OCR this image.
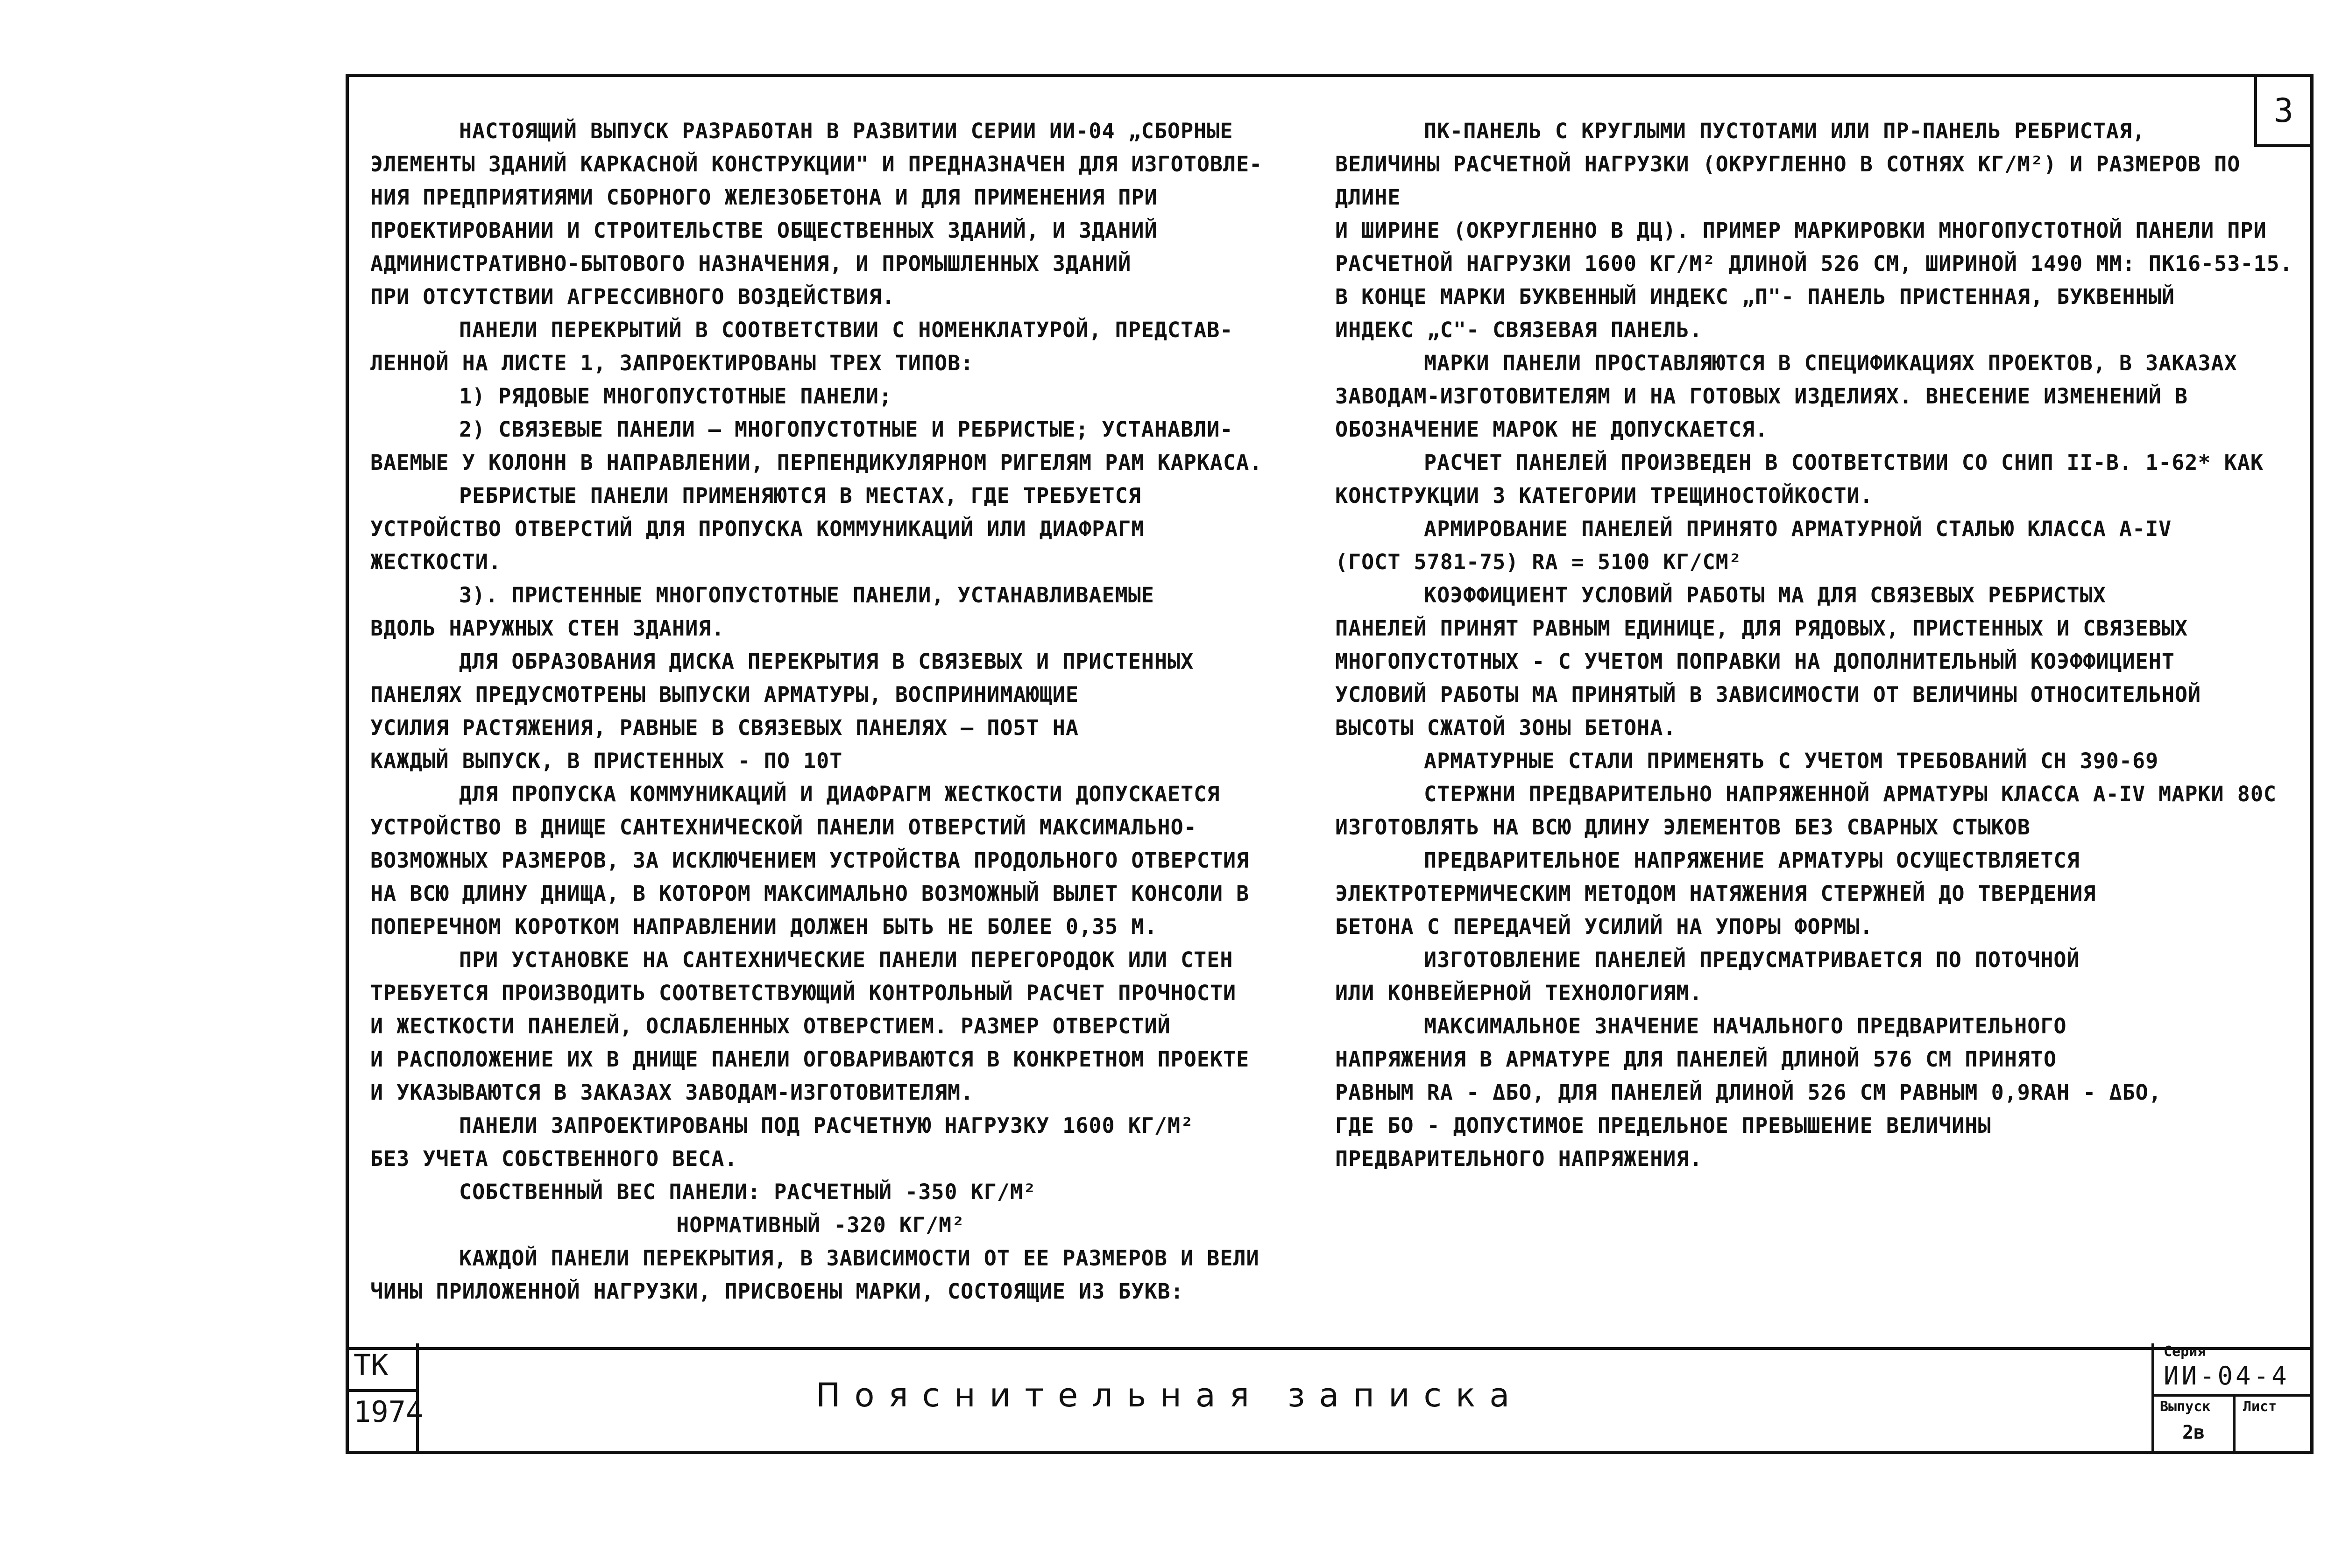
3

НАСТОЯЩИЙ ВЫПУСК РАЗРАБОТАН В РАЗВИТИИ СЕРИИ ИИ-04 „СБОРНЫЕ

ЭЛЕМЕНТЫ ЗДАНИЙ КАРКАСНОЙ КОНСТРУКЦИИ" И ПРЕДНАЗНАЧЕН ДЛЯ ИЗГОТОВЛЕ-

НИЯ ПРЕДПРИЯТИЯМИ СБОРНОГО ЖЕЛЕЗОБЕТОНА И ДЛЯ ПРИМЕНЕНИЯ ПРИ

ПРОЕКТИРОВАНИИ И СТРОИТЕЛЬСТВЕ ОБЩЕСТВЕННЫХ ЗДАНИЙ, И ЗДАНИЙ

АДМИНИСТРАТИВНО-БЫТОВОГО НАЗНАЧЕНИЯ, И ПРОМЫШЛЕННЫХ ЗДАНИЙ

ПРИ ОТСУТСТВИИ АГРЕССИВНОГО ВОЗДЕЙСТВИЯ.

ПАНЕЛИ ПЕРЕКРЫТИЙ В СООТВЕТСТВИИ С НОМЕНКЛАТУРОЙ, ПРЕДСТАВ-

ЛЕННОЙ НА ЛИСТЕ 1, ЗАПРОЕКТИРОВАНЫ ТРЕХ ТИПОВ:

1) РЯДОВЫЕ МНОГОПУСТОТНЫЕ ПАНЕЛИ;

2) СВЯЗЕВЫЕ ПАНЕЛИ – МНОГОПУСТОТНЫЕ И РЕБРИСТЫЕ; УСТАНАВЛИ-

ВАЕМЫЕ У КОЛОНН В НАПРАВЛЕНИИ, ПЕРПЕНДИКУЛЯРНОМ РИГЕЛЯМ РАМ КАРКАСА.

РЕБРИСТЫЕ ПАНЕЛИ ПРИМЕНЯЮТСЯ В МЕСТАХ, ГДЕ ТРЕБУЕТСЯ

УСТРОЙСТВО ОТВЕРСТИЙ ДЛЯ ПРОПУСКА КОММУНИКАЦИЙ ИЛИ ДИАФРАГМ

ЖЕСТКОСТИ.

3). ПРИСТЕННЫЕ МНОГОПУСТОТНЫЕ ПАНЕЛИ, УСТАНАВЛИВАЕМЫЕ

ВДОЛЬ НАРУЖНЫХ СТЕН ЗДАНИЯ.

ДЛЯ ОБРАЗОВАНИЯ ДИСКА ПЕРЕКРЫТИЯ В СВЯЗЕВЫХ И ПРИСТЕННЫХ

ПАНЕЛЯХ ПРЕДУСМОТРЕНЫ ВЫПУСКИ АРМАТУРЫ, ВОСПРИНИМАЮЩИЕ

УСИЛИЯ РАСТЯЖЕНИЯ, РАВНЫЕ В СВЯЗЕВЫХ ПАНЕЛЯХ – ПО5Т НА

КАЖДЫЙ ВЫПУСК, В ПРИСТЕННЫХ - ПО 10Т

ДЛЯ ПРОПУСКА КОММУНИКАЦИЙ И ДИАФРАГМ ЖЕСТКОСТИ ДОПУСКАЕТСЯ

УСТРОЙСТВО В ДНИЩЕ САНТЕХНИЧЕСКОЙ ПАНЕЛИ ОТВЕРСТИЙ МАКСИМАЛЬНО-

ВОЗМОЖНЫХ РАЗМЕРОВ, ЗА ИСКЛЮЧЕНИЕМ УСТРОЙСТВА ПРОДОЛЬНОГО ОТВЕРСТИЯ

НА ВСЮ ДЛИНУ ДНИЩА, В КОТОРОМ МАКСИМАЛЬНО ВОЗМОЖНЫЙ ВЫЛЕТ КОНСОЛИ В

ПОПЕРЕЧНОМ КОРОТКОМ НАПРАВЛЕНИИ ДОЛЖЕН БЫТЬ НЕ БОЛЕЕ 0,35 М.

ПРИ УСТАНОВКЕ НА САНТЕХНИЧЕСКИЕ ПАНЕЛИ ПЕРЕГОРОДОК ИЛИ СТЕН

ТРЕБУЕТСЯ ПРОИЗВОДИТЬ СООТВЕТСТВУЮЩИЙ КОНТРОЛЬНЫЙ РАСЧЕТ ПРОЧНОСТИ

И ЖЕСТКОСТИ ПАНЕЛЕЙ, ОСЛАБЛЕННЫХ ОТВЕРСТИЕМ. РАЗМЕР ОТВЕРСТИЙ

И РАСПОЛОЖЕНИЕ ИХ В ДНИЩЕ ПАНЕЛИ ОГОВАРИВАЮТСЯ В КОНКРЕТНОМ ПРОЕКТЕ

И УКАЗЫВАЮТСЯ В ЗАКАЗАХ ЗАВОДАМ-ИЗГОТОВИТЕЛЯМ.

ПАНЕЛИ ЗАПРОЕКТИРОВАНЫ ПОД РАСЧЕТНУЮ НАГРУЗКУ 1600 КГ/М²

БЕЗ УЧЕТА СОБСТВЕННОГО ВЕСА.

СОБСТВЕННЫЙ ВЕС ПАНЕЛИ: РАСЧЕТНЫЙ -350 КГ/М²

НОРМАТИВНЫЙ -320 КГ/М²

КАЖДОЙ ПАНЕЛИ ПЕРЕКРЫТИЯ, В ЗАВИСИМОСТИ ОТ ЕЕ РАЗМЕРОВ И ВЕЛИ

ЧИНЫ ПРИЛОЖЕННОЙ НАГРУЗКИ, ПРИСВОЕНЫ МАРКИ, СОСТОЯЩИЕ ИЗ БУКВ:

ПК-ПАНЕЛЬ С КРУГЛЫМИ ПУСТОТАМИ ИЛИ ПР-ПАНЕЛЬ РЕБРИСТАЯ,

ВЕЛИЧИНЫ РАСЧЕТНОЙ НАГРУЗКИ (ОКРУГЛЕННО В СОТНЯХ КГ/М²) И РАЗМЕРОВ ПО ДЛИНЕ

И ШИРИНЕ (ОКРУГЛЕННО В ДЦ). ПРИМЕР МАРКИРОВКИ МНОГОПУСТОТНОЙ ПАНЕЛИ ПРИ

РАСЧЕТНОЙ НАГРУЗКИ 1600 КГ/М² ДЛИНОЙ 526 СМ, ШИРИНОЙ 1490 ММ: ПК16-53-15.

В КОНЦЕ МАРКИ БУКВЕННЫЙ ИНДЕКС „П"- ПАНЕЛЬ ПРИСТЕННАЯ, БУКВЕННЫЙ

ИНДЕКС „С"- СВЯЗЕВАЯ ПАНЕЛЬ.

МАРКИ ПАНЕЛИ ПРОСТАВЛЯЮТСЯ В СПЕЦИФИКАЦИЯХ ПРОЕКТОВ, В ЗАКАЗАХ

ЗАВОДАМ-ИЗГОТОВИТЕЛЯМ И НА ГОТОВЫХ ИЗДЕЛИЯХ. ВНЕСЕНИЕ ИЗМЕНЕНИЙ В

ОБОЗНАЧЕНИЕ МАРОК НЕ ДОПУСКАЕТСЯ.

РАСЧЕТ ПАНЕЛЕЙ ПРОИЗВЕДЕН В СООТВЕТСТВИИ СО СНИП II-В. 1-62* КАК

КОНСТРУКЦИИ 3 КАТЕГОРИИ ТРЕЩИНОСТОЙКОСТИ.

АРМИРОВАНИЕ ПАНЕЛЕЙ ПРИНЯТО АРМАТУРНОЙ СТАЛЬЮ КЛАССА А-IV

(ГОСТ 5781-75) RA = 5100 КГ/СМ²

КОЭФФИЦИЕНТ УСЛОВИЙ РАБОТЫ MA ДЛЯ СВЯЗЕВЫХ РЕБРИСТЫХ

ПАНЕЛЕЙ ПРИНЯТ РАВНЫМ ЕДИНИЦЕ, ДЛЯ РЯДОВЫХ, ПРИСТЕННЫХ И СВЯЗЕВЫХ

МНОГОПУСТОТНЫХ - С УЧЕТОМ ПОПРАВКИ НА ДОПОЛНИТЕЛЬНЫЙ КОЭФФИЦИЕНТ

УСЛОВИЙ РАБОТЫ MA ПРИНЯТЫЙ В ЗАВИСИМОСТИ ОТ ВЕЛИЧИНЫ ОТНОСИТЕЛЬНОЙ

ВЫСОТЫ СЖАТОЙ ЗОНЫ БЕТОНА.

АРМАТУРНЫЕ СТАЛИ ПРИМЕНЯТЬ С УЧЕТОМ ТРЕБОВАНИЙ СН 390-69

СТЕРЖНИ ПРЕДВАРИТЕЛЬНО НАПРЯЖЕННОЙ АРМАТУРЫ КЛАССА А-IV МАРКИ 80С

ИЗГОТОВЛЯТЬ НА ВСЮ ДЛИНУ ЭЛЕМЕНТОВ БЕЗ СВАРНЫХ СТЫКОВ

ПРЕДВАРИТЕЛЬНОЕ НАПРЯЖЕНИЕ АРМАТУРЫ ОСУЩЕСТВЛЯЕТСЯ

ЭЛЕКТРОТЕРМИЧЕСКИМ МЕТОДОМ НАТЯЖЕНИЯ СТЕРЖНЕЙ ДО ТВЕРДЕНИЯ

БЕТОНА С ПЕРЕДАЧЕЙ УСИЛИЙ НА УПОРЫ ФОРМЫ.

ИЗГОТОВЛЕНИЕ ПАНЕЛЕЙ ПРЕДУСМАТРИВАЕТСЯ ПО ПОТОЧНОЙ

ИЛИ КОНВЕЙЕРНОЙ ТЕХНОЛОГИЯМ.

МАКСИМАЛЬНОЕ ЗНАЧЕНИЕ НАЧАЛЬНОГО ПРЕДВАРИТЕЛЬНОГО

НАПРЯЖЕНИЯ В АРМАТУРЕ ДЛЯ ПАНЕЛЕЙ ДЛИНОЙ 576 СМ ПРИНЯТО

РАВНЫМ RA - ΔБО, ДЛЯ ПАНЕЛЕЙ ДЛИНОЙ 526 СМ РАВНЫМ 0,9RAН - ΔБО,

ГДЕ БО - ДОПУСТИМОЕ ПРЕДЕЛЬНОЕ ПРЕВЫШЕНИЕ ВЕЛИЧИНЫ

ПРЕДВАРИТЕЛЬНОГО НАПРЯЖЕНИЯ.

ТК
1974	Пояснительная записка
Серия
ИИ-04-4
Выпуск Лист
2в
